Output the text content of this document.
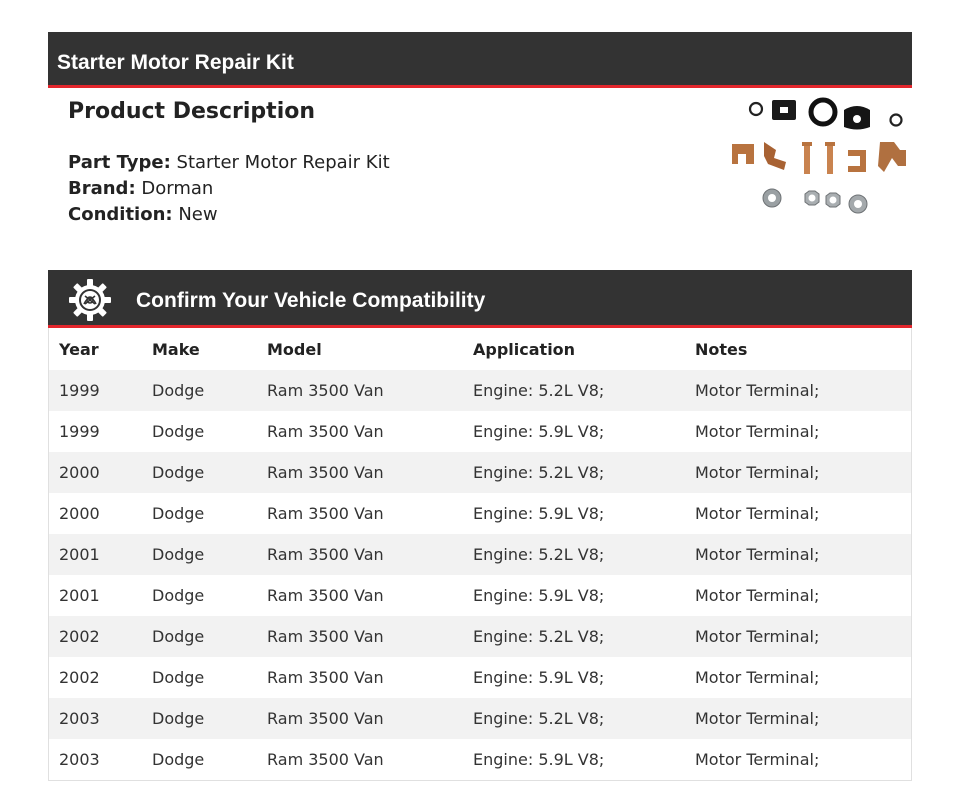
Starter Motor Repair Kit
Product Description
Part Type: Starter Motor Repair Kit
Brand: Dorman
Condition: New
Confirm Your Vehicle Compatibility
Year	Make	Model	Application	Notes
1999	Dodge	Ram 3500 Van	Engine: 5.2L V8;	Motor Terminal;
1999	Dodge	Ram 3500 Van	Engine: 5.9L V8;	Motor Terminal;
2000	Dodge	Ram 3500 Van	Engine: 5.2L V8;	Motor Terminal;
2000	Dodge	Ram 3500 Van	Engine: 5.9L V8;	Motor Terminal;
2001	Dodge	Ram 3500 Van	Engine: 5.2L V8;	Motor Terminal;
2001	Dodge	Ram 3500 Van	Engine: 5.9L V8;	Motor Terminal;
2002	Dodge	Ram 3500 Van	Engine: 5.2L V8;	Motor Terminal;
2002	Dodge	Ram 3500 Van	Engine: 5.9L V8;	Motor Terminal;
2003	Dodge	Ram 3500 Van	Engine: 5.2L V8;	Motor Terminal;
2003	Dodge	Ram 3500 Van	Engine: 5.9L V8;	Motor Terminal;
